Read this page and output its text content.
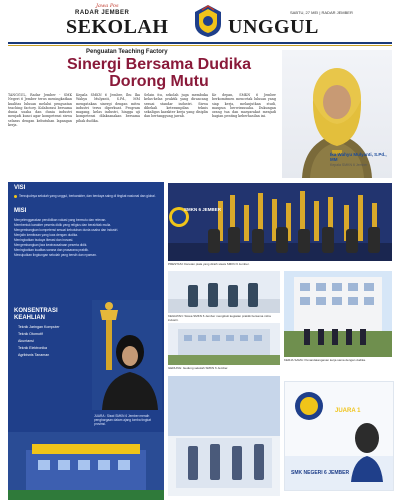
Jawa Pos
RADAR JEMBER
SEKOLAH	UNGGUL
SABTU, 27 MEI | RADAR JEMBER
Penguatan Teaching Factory
Sinergi Bersama Dudika
Dorong Mutu

TANGGUL, Radar Jember - SMK Negeri 6 Jember terus meningkatkan kualitas lulusan melalui penguatan teaching factory. Kolaborasi bersama dunia usaha dan dunia industri menjadi kunci agar kompetensi siswa selaras dengan kebutuhan lapangan kerja.

Kepala SMKN 6 Jember, Ibu Ika Wahyu Mulyanti, S.Pd., MM mengatakan sinergi dengan mitra industri terus diperkuat. Program magang, kelas industri, hingga uji kompetensi dilaksanakan bersama pihak dudika.

Selain itu, sekolah juga membuka kelas-kelas praktik yang dirancang sesuai standar industri. Siswa dibekali keterampilan teknis sekaligus karakter kerja yang disiplin dan bertanggung jawab.

Ke depan, SMKN 6 Jember berkomitmen mencetak lulusan yang siap kerja, melanjutkan studi, maupun berwirausaha. Dukungan orang tua dan masyarakat menjadi bagian penting keberhasilan ini.

Ika Wahyu Mulyanti, S.Pd., MM
Kepala SMKN 6 Jember
VISI
Terwujudnya sekolah yang unggul, berkarakter, dan berdaya saing di tingkat nasional dan global.
MISI
Menyelenggarakan pendidikan vokasi yang bermutu dan relevan.
Membentuk karakter peserta didik yang religius dan berakhlak mulia.
Mengembangkan kompetensi sesuai kebutuhan dunia usaha dan industri.
Menjalin kemitraan yang luas dengan dudika.
Meningkatkan budaya literasi dan inovasi.
Mengembangkan jiwa kewirausahaan peserta didik.
Meningkatkan kualitas sarana dan prasarana praktik.
Mewujudkan lingkungan sekolah yang bersih dan nyaman.
KONSENTRASI KEAHLIAN
Teknik Jaringan Komputer
Teknik Otomotif
Akuntansi
Teknik Elektronika
Agribisnis Tanaman
JUARA : Siswi SMKN 6 Jember meraih penghargaan dalam ajang lomba tingkat provinsi.
SMKN 6 JEMBER
PRESTASI: Deretan piala yang diraih siswa SMKN 6 Jember.
KEGIATAN: Siswa SMKN 6 Jember mengikuti kegiatan praktik bersama mitra industri.
KERJA SAMA: Penandatanganan kerja sama dengan dudika.
GEDUNG: Gedung sekolah SMKN 6 Jember.
JUARA 1
SMK NEGERI 6 JEMBER
